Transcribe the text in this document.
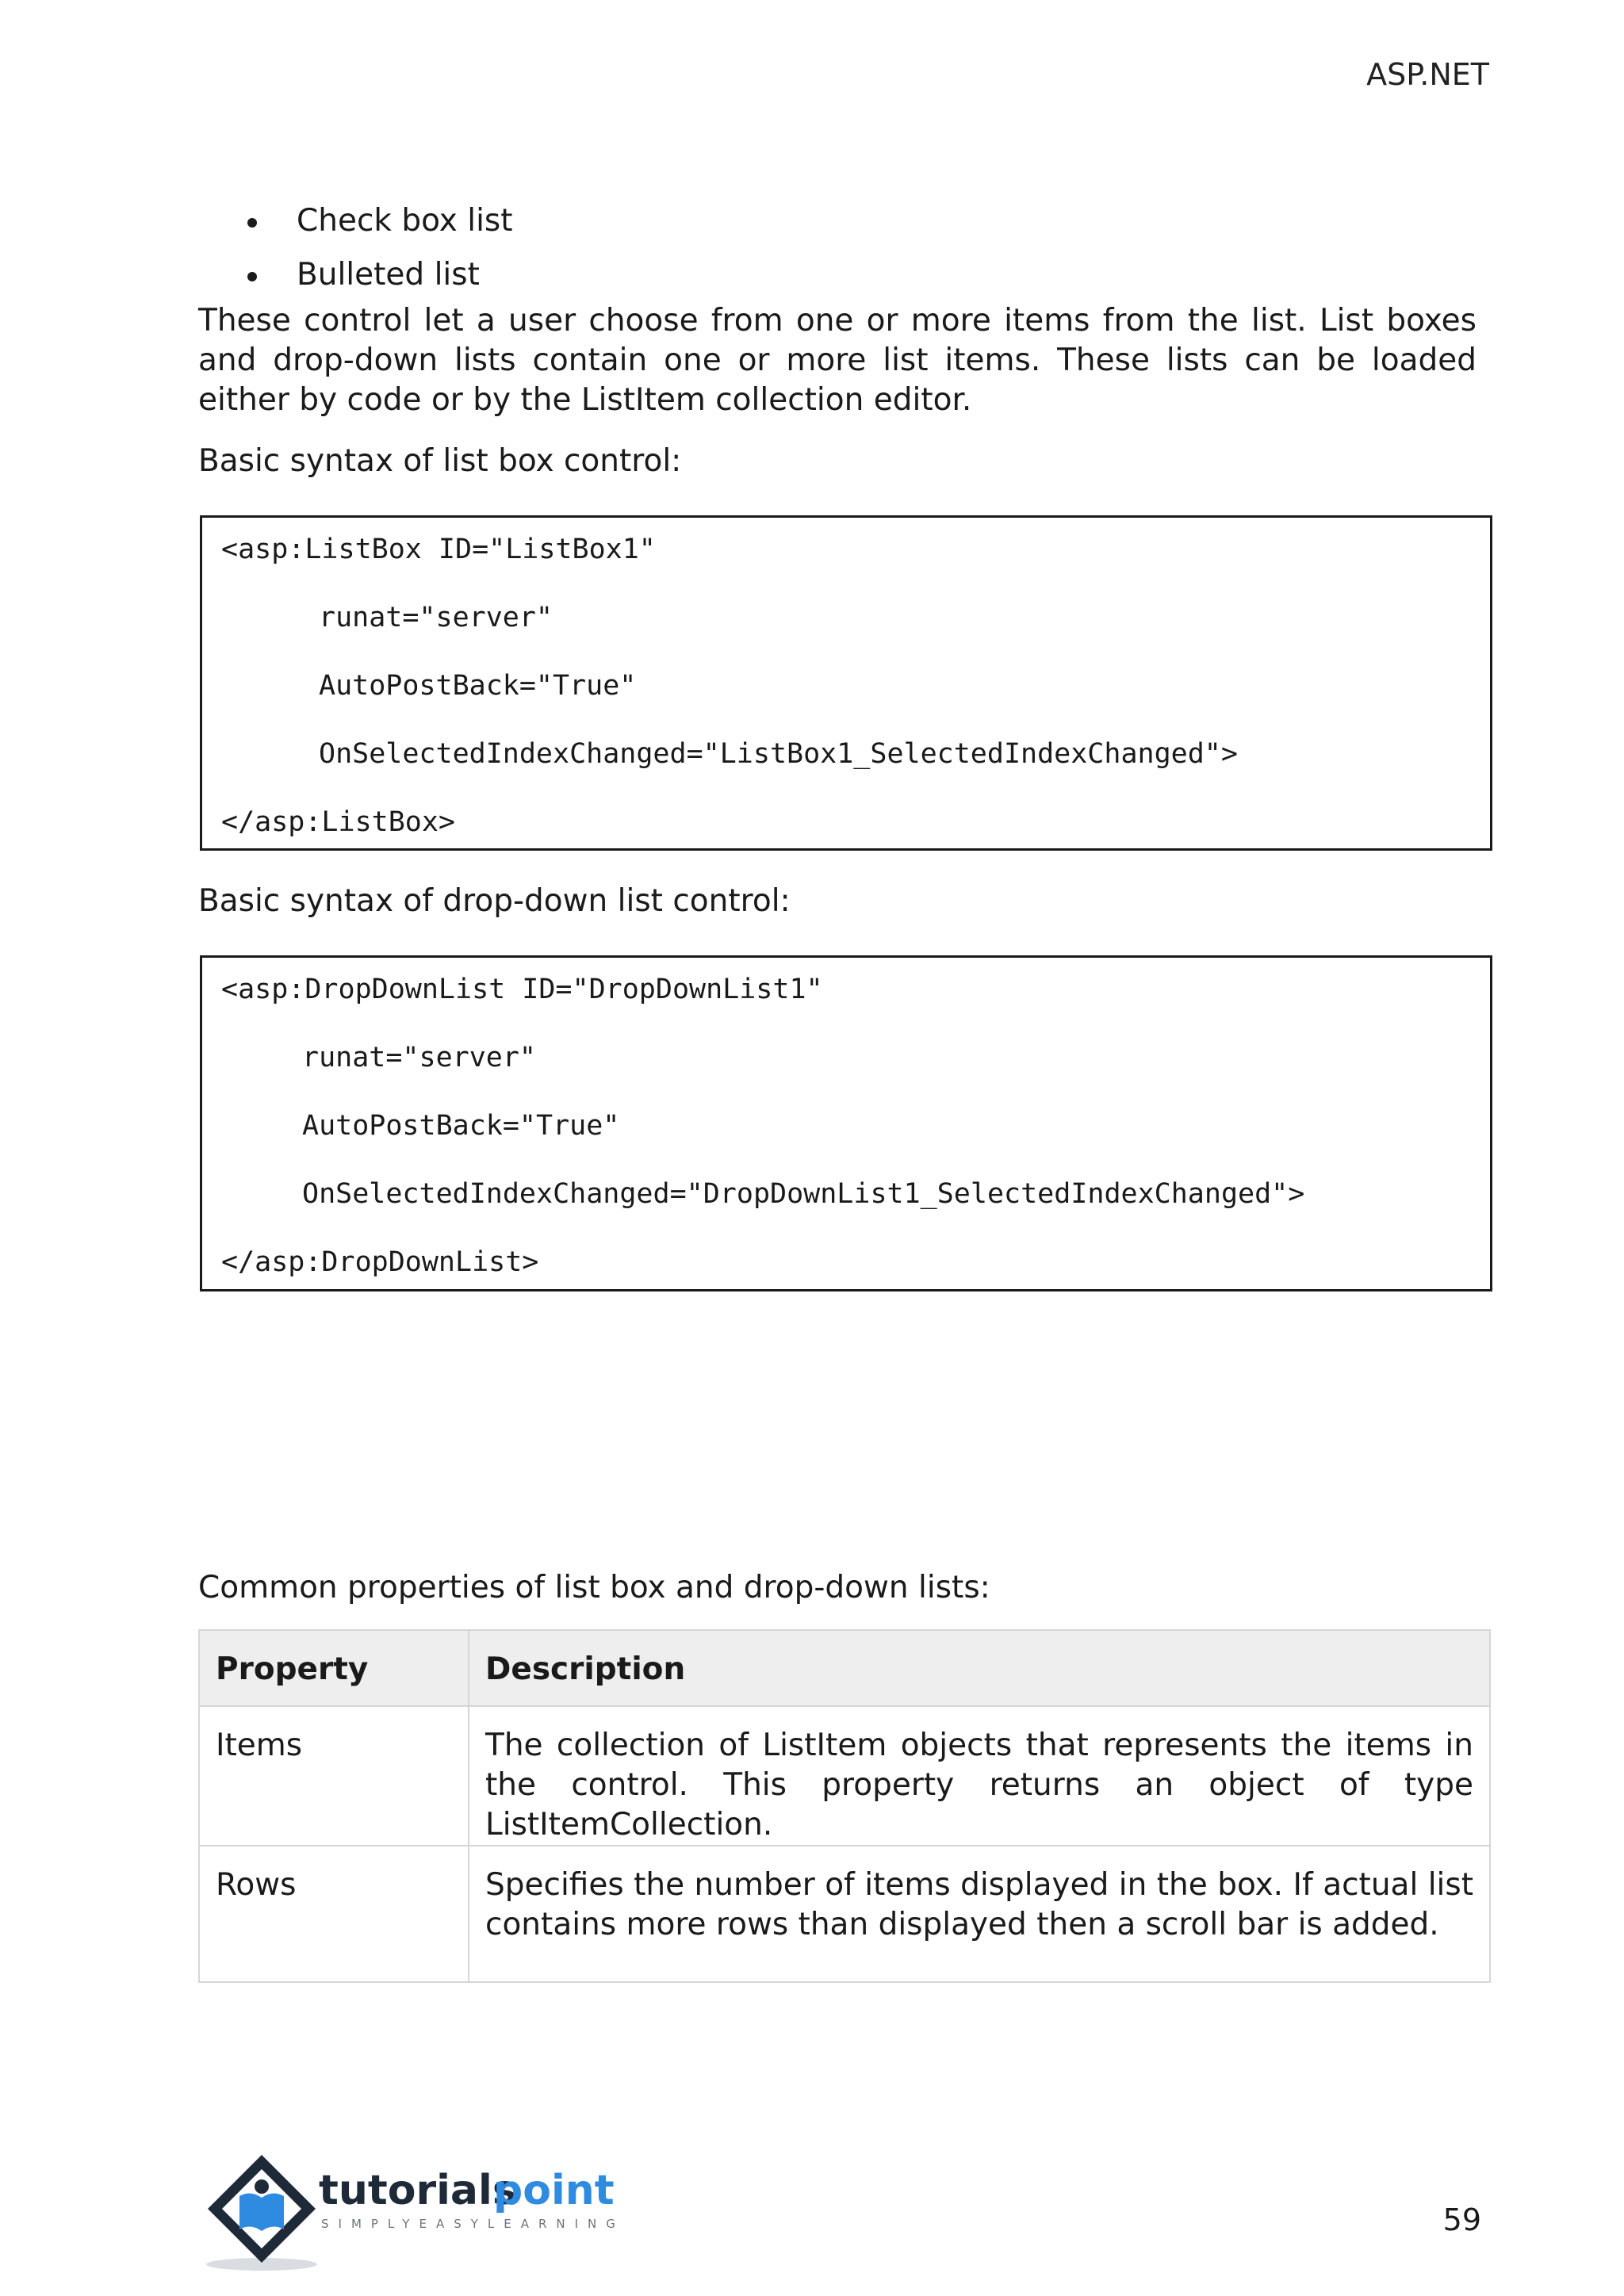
ASP.NET
Check box list
Bulleted list

These control let a user choose from one or more items from the list. List boxes and drop-down lists contain one or more list items. These lists can be loaded either by code or by the ListItem collection editor.

Basic syntax of list box control:

<asp:ListBox ID="ListBox1"
runat="server"
AutoPostBack="True"
OnSelectedIndexChanged="ListBox1_SelectedIndexChanged">
</asp:ListBox>

Basic syntax of drop-down list control:

<asp:DropDownList ID="DropDownList1"
runat="server"
AutoPostBack="True"
OnSelectedIndexChanged="DropDownList1_SelectedIndexChanged">
</asp:DropDownList>

Common properties of list box and drop-down lists:

Property	Description
Items	The collection of ListItem objects that represents the items in the control. This property returns an object of type ListItemCollection.
Rows	Specifies the number of items displayed in the box. If actual list contains more rows than displayed then a scroll bar is added.
tutorials
point
SIMPLYEASYLEARNING	59
